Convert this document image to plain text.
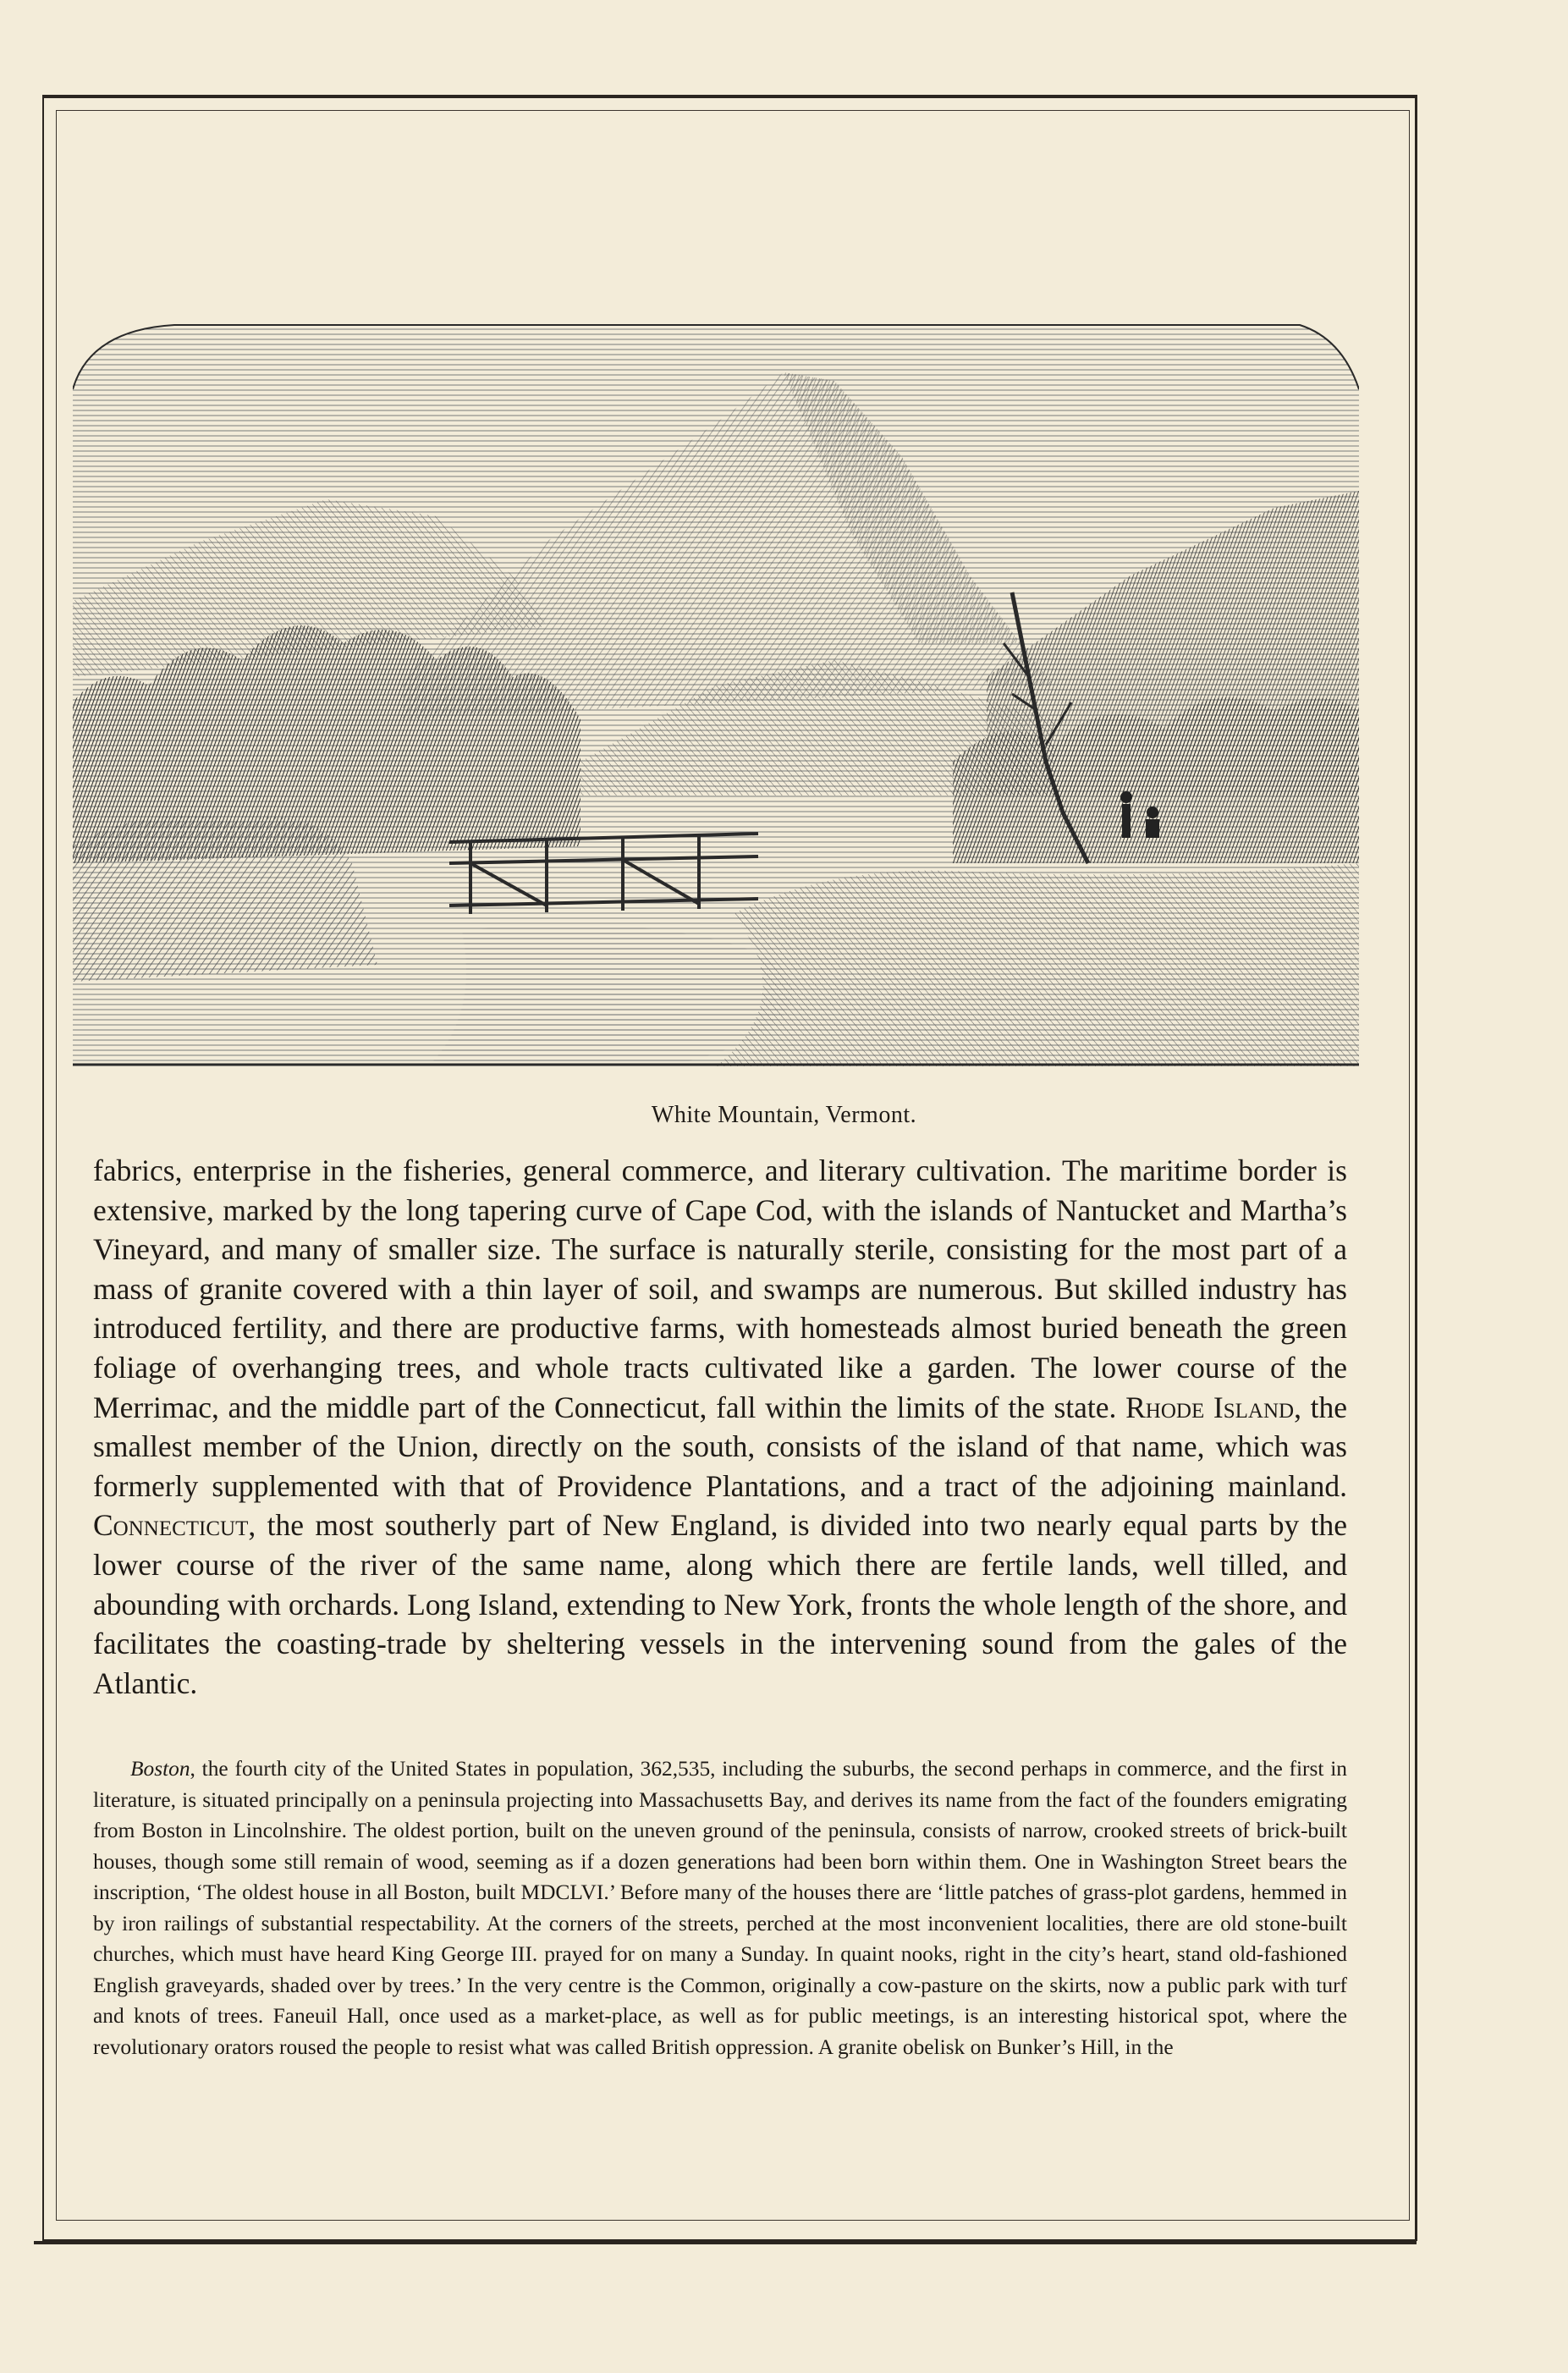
White Mountain, Vermont.

fabrics, enterprise in the fisheries, general commerce, and literary cultivation. The maritime border is extensive, marked by the long tapering curve of Cape Cod, with the islands of Nantucket and Martha’s Vineyard, and many of smaller size. The surface is naturally sterile, consisting for the most part of a mass of granite covered with a thin layer of soil, and swamps are numerous. But skilled industry has introduced fertility, and there are productive farms, with homesteads almost buried beneath the green foliage of overhanging trees, and whole tracts cultivated like a garden. The lower course of the Merrimac, and the middle part of the Connecticut, fall within the limits of the state. Rhode Island, the smallest member of the Union, directly on the south, consists of the island of that name, which was formerly supplemented with that of Providence Plantations, and a tract of the adjoining mainland. Connecticut, the most southerly part of New England, is divided into two nearly equal parts by the lower course of the river of the same name, along which there are fertile lands, well tilled, and abounding with orchards. Long Island, extending to New York, fronts the whole length of the shore, and facilitates the coasting-trade by sheltering vessels in the intervening sound from the gales of the Atlantic.

Boston, the fourth city of the United States in population, 362,535, including the suburbs, the second perhaps in commerce, and the first in literature, is situated principally on a peninsula projecting into Massachusetts Bay, and derives its name from the fact of the founders emigrating from Boston in Lincolnshire. The oldest portion, built on the uneven ground of the peninsula, consists of narrow, crooked streets of brick-built houses, though some still remain of wood, seeming as if a dozen generations had been born within them. One in Washington Street bears the inscription, ‘The oldest house in all Boston, built MDCLVI.’ Before many of the houses there are ‘little patches of grass-plot gardens, hemmed in by iron railings of substantial respectability. At the corners of the streets, perched at the most inconvenient localities, there are old stone-built churches, which must have heard King George III. prayed for on many a Sunday. In quaint nooks, right in the city’s heart, stand old-fashioned English graveyards, shaded over by trees.’ In the very centre is the Common, originally a cow-pasture on the skirts, now a public park with turf and knots of trees. Faneuil Hall, once used as a market-place, as well as for public meetings, is an interesting historical spot, where the revolutionary orators roused the people to resist what was called British oppression. A granite obelisk on Bunker’s Hill, in the
